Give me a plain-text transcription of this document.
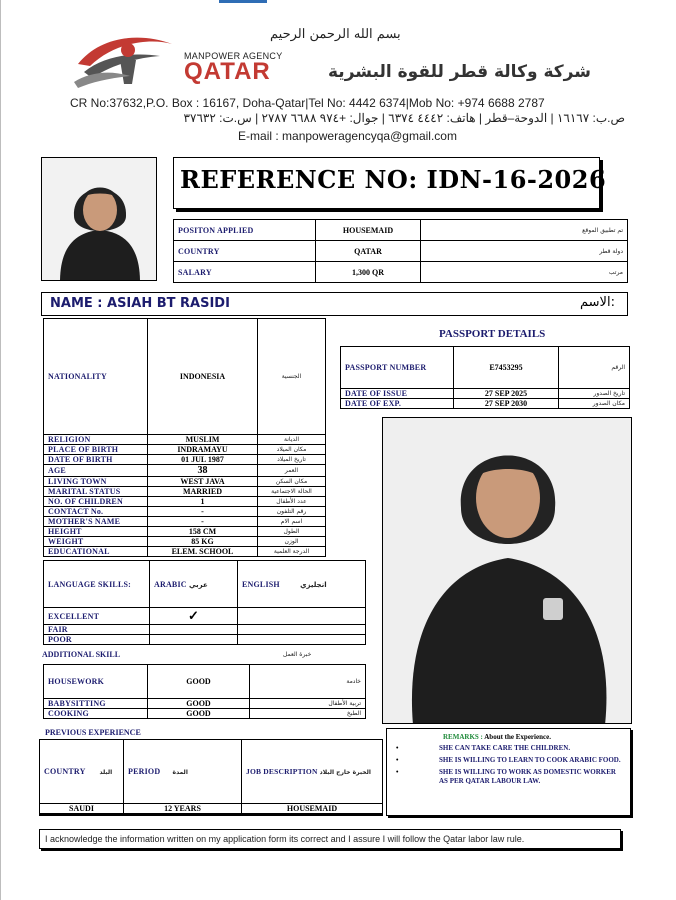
بسم الله الرحمن الرحيم
MANPOWER AGENCY
QATAR	شركة وكالة قطر للقوة البشرية
CR No:37632,P.O. Box : 16167, Doha-Qatar|Tel No: 4442 6374|Mob No: +974 6688 2787
ص.ب: ١٦١٦٧ | الدوحة–قطر | هاتف: ٤٤٤٢ ٦٣٧٤ | جوال: +٩٧٤ ٦٦٨٨ ٢٧٨٧ | س.ت: ٣٧٦٣٢
E-mail : manpoweragencyqa@gmail.com
REFERENCE NO: IDN-16-2026
POSITON APPLIED	HOUSEMAID	تم تطبيق الموقع
COUNTRY	QATAR	دولة قطر
SALARY	1,300 QR	مرتب
NAME : ASIAH BT RASIDI	الاسم:
NATIONALITY	INDONESIA	الجنسية
RELIGION	MUSLIM	الديانة
PLACE OF BIRTH	INDRAMAYU	مكان الميلاد
DATE OF BIRTH	01 JUL 1987	تاريخ الميلاد
AGE	38	العمر
LIVING TOWN	WEST JAVA	مكان السكن
MARITAL STATUS	MARRIED	الحالة الاجتماعية
NO. OF CHILDREN	1	عدد الأطفال
CONTACT No.	-	رقم التلفون
MOTHER'S NAME	-	اسم الام
HEIGHT	158 CM	الطول
WEIGHT	85 KG	الوزن
EDUCATIONAL	ELEM. SCHOOL	الدرجة العلمية
PASSPORT DETAILS
PASSPORT NUMBER	E7453295	الرقم
DATE OF ISSUE	27 SEP 2025	تاريخ الصدور
DATE OF EXP.	27 SEP 2030	مكان الصدور
LANGUAGE SKILLS:	ARABIC عربي	ENGLISH انجليزي
EXCELLENT	✓	
FAIR		
POOR		
ADDITIONAL SKILL	خبرة العمل
HOUSEWORK	GOOD	خادمة
BABYSITTING	GOOD	تربية الأطفال
COOKING	GOOD	الطبخ
PREVIOUS EXPERIENCE
COUNTRY البلد	PERIOD المدة	JOB DESCRIPTION الخبرة خارج البلاد
SAUDI	12 YEARS	HOUSEMAID

REMARKS : About the Experience.
•	SHE CAN TAKE CARE THE CHILDREN.
•	SHE IS WILLING TO LEARN TO COOK ARABIC FOOD.
•	SHE IS WILLING TO WORK AS DOMESTIC WORKER AS PER QATAR LABOUR LAW.
I acknowledge the information written on my application form its correct and I assure I will follow the Qatar labor law rule.
